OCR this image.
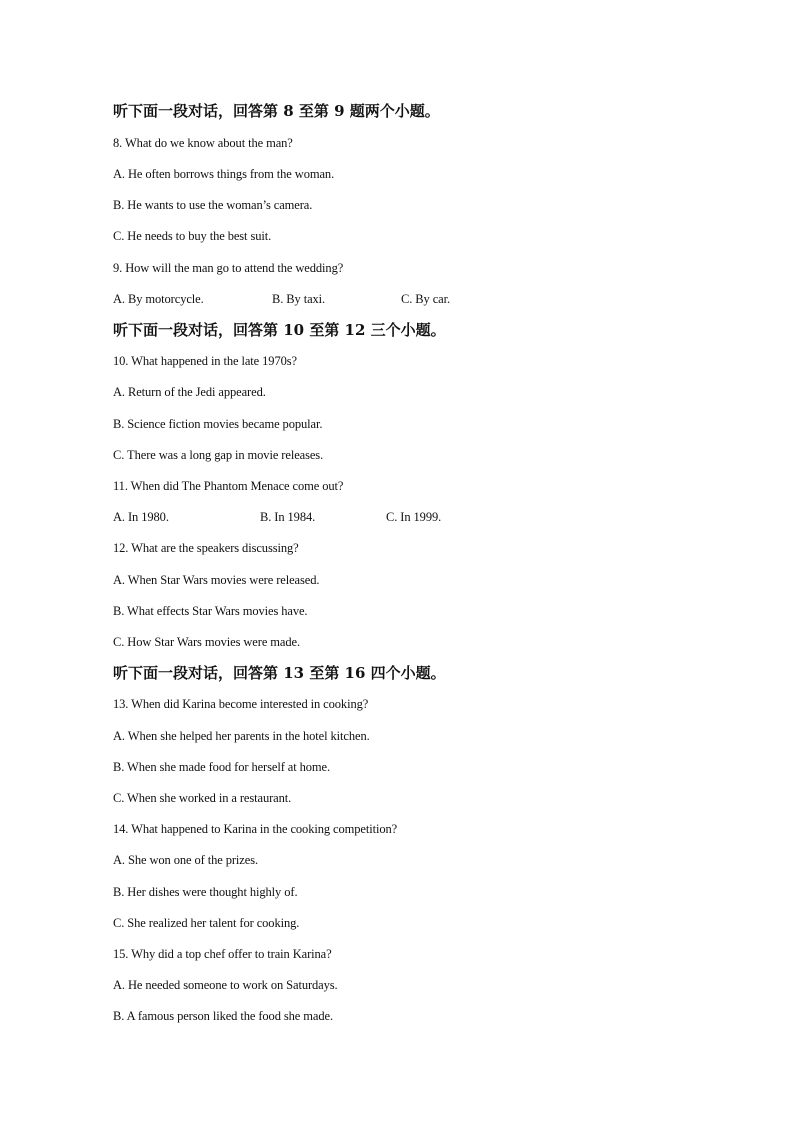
听下面一段对话，回答第 8 至第 9 题两个小题。
8. What do we know about the man?
A. He often borrows things from the woman.
B. He wants to use the woman’s camera.
C. He needs to buy the best suit.
9. How will the man go to attend the wedding?
A. By motorcycle.	B. By taxi.	C. By car.
听下面一段对话，回答第 10 至第 12 三个小题。
10. What happened in the late 1970s?
A. Return of the Jedi appeared.
B. Science fiction movies became popular.
C. There was a long gap in movie releases.
11. When did The Phantom Menace come out?
A. In 1980.	B. In 1984.	C. In 1999.
12. What are the speakers discussing?
A. When Star Wars movies were released.
B. What effects Star Wars movies have.
C. How Star Wars movies were made.
听下面一段对话，回答第 13 至第 16 四个小题。
13. When did Karina become interested in cooking?
A. When she helped her parents in the hotel kitchen.
B. When she made food for herself at home.
C. When she worked in a restaurant.
14. What happened to Karina in the cooking competition?
A. She won one of the prizes.
B. Her dishes were thought highly of.
C. She realized her talent for cooking.
15. Why did a top chef offer to train Karina?
A. He needed someone to work on Saturdays.
B. A famous person liked the food she made.
